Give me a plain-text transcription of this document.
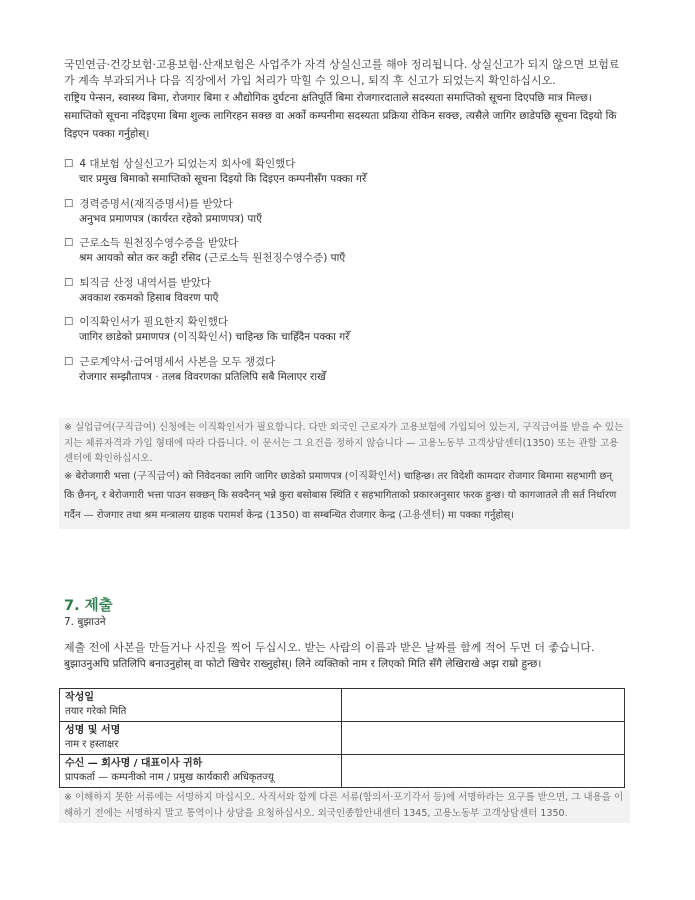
국민연금·건강보험·고용보험·산재보험은 사업주가 자격 상실신고를 해야 정리됩니다. 상실신고가 되지 않으면 보험료가 계속 부과되거나 다음 직장에서 가입 처리가 막힐 수 있으니, 퇴직 후 신고가 되었는지 확인하십시오.
राष्ट्रिय पेन्सन, स्वास्थ्य बिमा, रोजगार बिमा र औद्योगिक दुर्घटना क्षतिपूर्ति बिमा रोजगारदाताले सदस्यता समाप्तिको सूचना दिएपछि मात्र मिल्छ। समाप्तिको सूचना नदिइएमा बिमा शुल्क लागिरहन सक्छ वा अर्को कम्पनीमा सदस्यता प्रक्रिया रोकिन सक्छ, त्यसैले जागिर छाडेपछि सूचना दिइयो कि दिइएन पक्का गर्नुहोस्।
☐ 4 대보험 상실신고가 되었는지 회사에 확인했다
चार प्रमुख बिमाको समाप्तिको सूचना दिइयो कि दिइएन कम्पनीसँग पक्का गरेँ
☐ 경력증명서(재직증명서)를 받았다
अनुभव प्रमाणपत्र (कार्यरत रहेको प्रमाणपत्र) पाएँ
☐ 근로소득 원천징수영수증을 받았다
श्रम आयको स्रोत कर कट्टी रसिद (근로소득 원천징수영수증) पाएँ
☐ 퇴직금 산정 내역서를 받았다
अवकाश रकमको हिसाब विवरण पाएँ
☐ 이직확인서가 필요한지 확인했다
जागिर छाडेको प्रमाणपत्र (이직확인서) चाहिन्छ कि चाहिँदैन पक्का गरेँ
☐ 근로계약서·급여명세서 사본을 모두 챙겼다
रोजगार सम्झौतापत्र · तलब विवरणका प्रतिलिपि सबै मिलाएर राखेँ
※ 실업급여(구직급여) 신청에는 이직확인서가 필요합니다. 다만 외국인 근로자가 고용보험에 가입되어 있는지, 구직급여를 받을 수 있는지는 체류자격과 가입 형태에 따라 다릅니다. 이 문서는 그 요건을 정하지 않습니다 — 고용노동부 고객상담센터(1350) 또는 관할 고용센터에 확인하십시오.
※ बेरोजगारी भत्ता (구직급여) को निवेदनका लागि जागिर छाडेको प्रमाणपत्र (이직확인서) चाहिन्छ। तर विदेशी कामदार रोजगार बिमामा सहभागी छन् कि छैनन्, र बेरोजगारी भत्ता पाउन सक्छन् कि सक्दैनन् भन्ने कुरा बसोबास स्थिति र सहभागिताको प्रकारअनुसार फरक हुन्छ। यो कागजातले ती सर्त निर्धारण गर्दैन — रोजगार तथा श्रम मन्त्रालय ग्राहक परामर्श केन्द्र (1350) वा सम्बन्धित रोजगार केन्द्र (고용센터) मा पक्का गर्नुहोस्।
7. 제출
7. बुझाउने
제출 전에 사본을 만들거나 사진을 찍어 두십시오. 받는 사람의 이름과 받은 날짜를 함께 적어 두면 더 좋습니다.
बुझाउनुअघि प्रतिलिपि बनाउनुहोस् वा फोटो खिचेर राख्नुहोस्। लिने व्यक्तिको नाम र लिएको मिति सँगै लेखिराखे अझ राम्रो हुन्छ।
작성일
तयार गरेको मिति	

성명 및 서명
नाम र हस्ताक्षर	

수신 — 회사명 / 대표이사 귀하
प्रापकर्ता — कम्पनीको नाम / प्रमुख कार्यकारी अधिकृतज्यू	

※ 이해하지 못한 서류에는 서명하지 마십시오. 사직서와 함께 다른 서류(합의서·포기각서 등)에 서명하라는 요구를 받으면, 그 내용을 이해하기 전에는 서명하지 말고 통역이나 상담을 요청하십시오. 외국인종합안내센터 1345, 고용노동부 고객상담센터 1350.
